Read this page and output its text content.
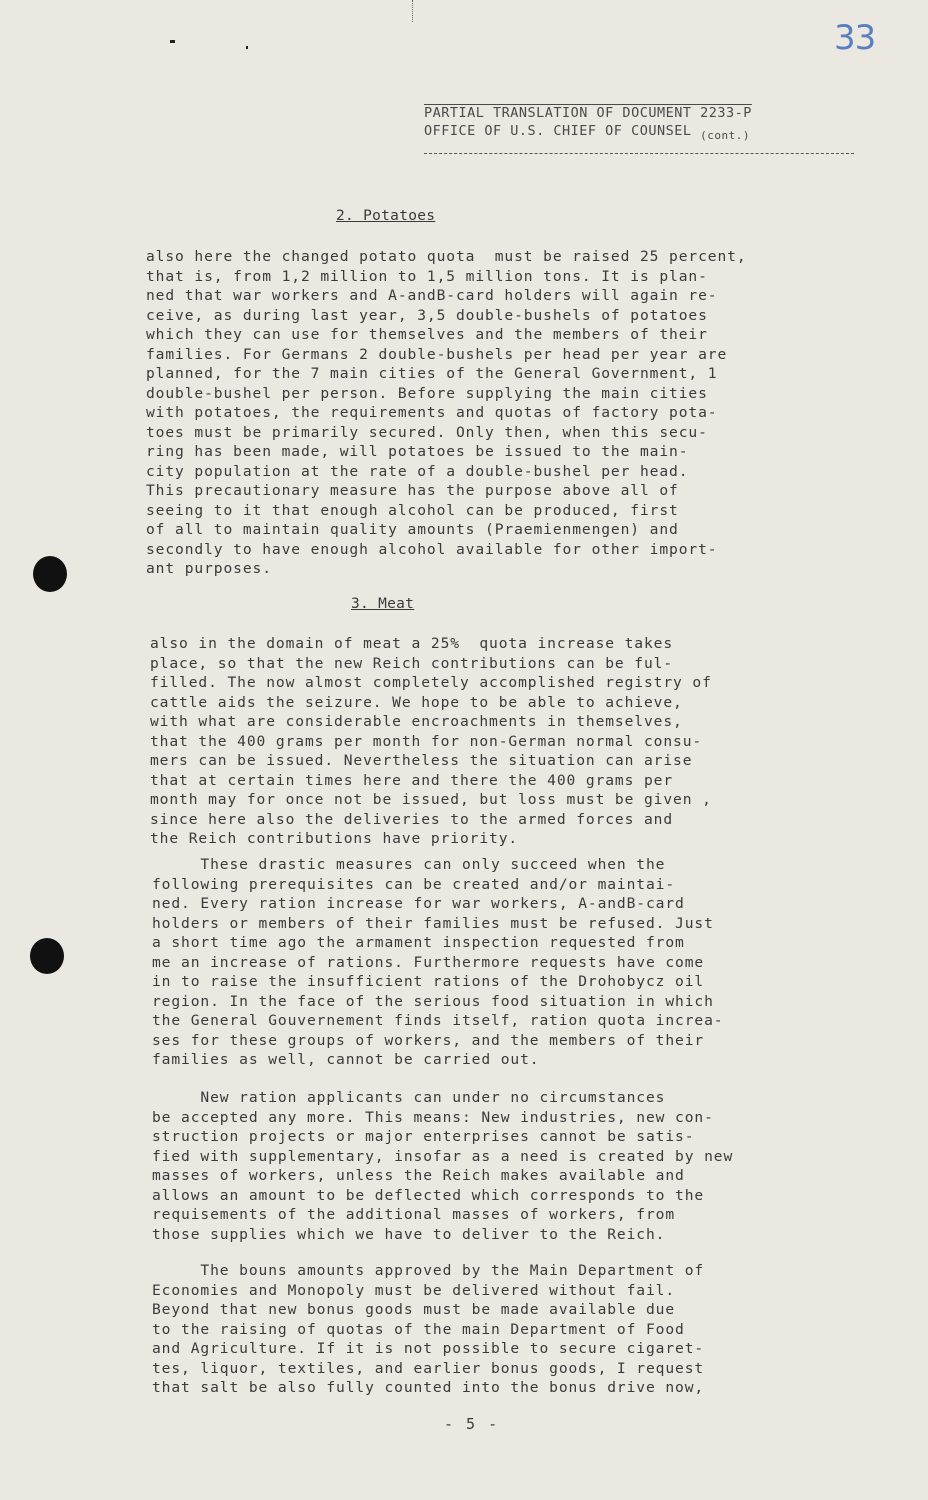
33
PARTIAL TRANSLATION OF DOCUMENT 2233-P
OFFICE OF U.S. CHIEF OF COUNSEL $_{(cont.)}$
2. Potatoes

also here the changed potato quota  must be raised 25 percent,
that is, from 1,2 million to 1,5 million tons. It is plan-
ned that war workers and A-andB-card holders will again re-
ceive, as during last year, 3,5 double-bushels of potatoes
which they can use for themselves and the members of their
families. For Germans 2 double-bushels per head per year are
planned, for the 7 main cities of the General Government, 1
double-bushel per person. Before supplying the main cities
with potatoes, the requirements and quotas of factory pota-
toes must be primarily secured. Only then, when this secu-
ring has been made, will potatoes be issued to the main-
city population at the rate of a double-bushel per head.
This precautionary measure has the purpose above all of
seeing to it that enough alcohol can be produced, first
of all to maintain quality amounts (Praemienmengen) and
secondly to have enough alcohol available for other import-
ant purposes.

3. Meat

also in the domain of meat a 25%  quota increase takes
place, so that the new Reich contributions can be ful-
filled. The now almost completely accomplished registry of
cattle aids the seizure. We hope to be able to achieve,
with what are considerable encroachments in themselves,
that the 400 grams per month for non-German normal consu-
mers can be issued. Nevertheless the situation can arise
that at certain times here and there the 400 grams per
month may for once not be issued, but loss must be given ,
since here also the deliveries to the armed forces and
the Reich contributions have priority.

These drastic measures can only succeed when the
following prerequisites can be created and/or maintai-
ned. Every ration increase for war workers, A-andB-card
holders or members of their families must be refused. Just
a short time ago the armament inspection requested from
me an increase of rations. Furthermore requests have come
in to raise the insufficient rations of the Drohobycz oil
region. In the face of the serious food situation in which
the General Gouvernement finds itself, ration quota increa-
ses for these groups of workers, and the members of their
families as well, cannot be carried out.

New ration applicants can under no circumstances
be accepted any more. This means: New industries, new con-
struction projects or major enterprises cannot be satis-
fied with supplementary, insofar as a need is created by new
masses of workers, unless the Reich makes available and
allows an amount to be deflected which corresponds to the
requisements of the additional masses of workers, from
those supplies which we have to deliver to the Reich.

The bouns amounts approved by the Main Department of
Economies and Monopoly must be delivered without fail.
Beyond that new bonus goods must be made available due
to the raising of quotas of the main Department of Food
and Agriculture. If it is not possible to secure cigaret-
tes, liquor, textiles, and earlier bonus goods, I request
that salt be also fully counted into the bonus drive now,

- 5 -
